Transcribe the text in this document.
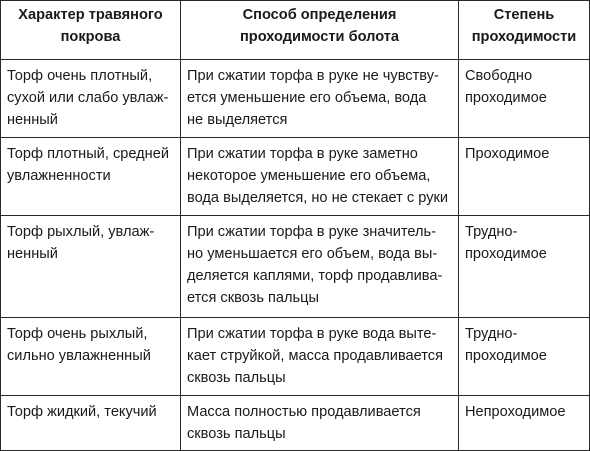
Характер травяного
покрова	Способ определения
проходимости болота	Степень
проходимости

Торф очень плотный,
сухой или слабо увлаж-
ненный	При сжатии торфа в руке не чувству-
ется уменьшение его объема, вода
не выделяется	Свободно
проходимое

Торф плотный, средней
увлажненности	При сжатии торфа в руке заметно
некоторое уменьшение его объема,
вода выделяется, но не стекает с руки	Проходимое

Торф рыхлый, увлаж-
ненный	При сжатии торфа в руке значитель-
но уменьшается его объем, вода вы-
деляется каплями, торф продавлива-
ется сквозь пальцы	Трудно-
проходимое

Торф очень рыхлый,
сильно увлажненный	При сжатии торфа в руке вода выте-
кает струйкой, масса продавливается
сквозь пальцы	Трудно-
проходимое

Торф жидкий, текучий	Масса полностью продавливается
сквозь пальцы	Непроходимое
